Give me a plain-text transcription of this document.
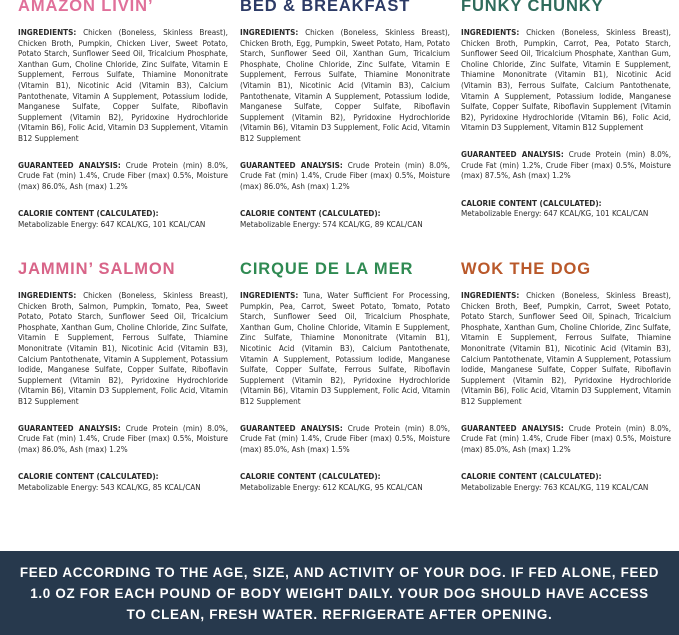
AMAZON LIVIN’

INGREDIENTS: Chicken (Boneless, Skinless Breast), Chicken Broth, Pumpkin, Chicken Liver, Sweet Potato, Potato Starch, Sunflower Seed Oil, Tricalcium Phosphate, Xanthan Gum, Choline Chloride, Zinc Sulfate, Vitamin E Supplement, Ferrous Sulfate, Thiamine Mononitrate (Vitamin B1), Nicotinic Acid (Vitamin B3), Calcium Pantothenate, Vitamin A Supplement, Potassium Iodide, Manganese Sulfate, Copper Sulfate, Riboflavin Supplement (Vitamin B2), Pyridoxine Hydrochloride (Vitamin B6), Folic Acid, Vitamin D3 Supplement, Vitamin B12 Supplement

GUARANTEED ANALYSIS: Crude Protein (min) 8.0%, Crude Fat (min) 1.4%, Crude Fiber (max) 0.5%, Moisture (max) 86.0%, Ash (max) 1.2%

CALORIE CONTENT (CALCULATED):
Metabolizable Energy: 647 KCAL/KG, 101 KCAL/CAN

BED & BREAKFAST

INGREDIENTS: Chicken (Boneless, Skinless Breast), Chicken Broth, Egg, Pumpkin, Sweet Potato, Ham, Potato Starch, Sunflower Seed Oil, Xanthan Gum, Tricalcium Phosphate, Choline Chloride, Zinc Sulfate, Vitamin E Supplement, Ferrous Sulfate, Thiamine Mononitrate (Vitamin B1), Nicotinic Acid (Vitamin B3), Calcium Pantothenate, Vitamin A Supplement, Potassium Iodide, Manganese Sulfate, Copper Sulfate, Riboflavin Supplement (Vitamin B2), Pyridoxine Hydrochloride (Vitamin B6), Vitamin D3 Supplement, Folic Acid, Vitamin B12 Supplement

GUARANTEED ANALYSIS: Crude Protein (min) 8.0%, Crude Fat (min) 1.4%, Crude Fiber (max) 0.5%, Moisture (max) 86.0%, Ash (max) 1.2%

CALORIE CONTENT (CALCULATED):
Metabolizable Energy: 574 KCAL/KG, 89 KCAL/CAN

FUNKY CHUNKY

INGREDIENTS: Chicken (Boneless, Skinless Breast), Chicken Broth, Pumpkin, Carrot, Pea, Potato Starch, Sunflower Seed Oil, Tricalcium Phosphate, Xanthan Gum, Choline Chloride, Zinc Sulfate, Vitamin E Supplement, Thiamine Mononitrate (Vitamin B1), Nicotinic Acid (Vitamin B3), Ferrous Sulfate, Calcium Pantothenate, Vitamin A Supplement, Potassium Iodide, Manganese Sulfate, Copper Sulfate, Riboflavin Supplement (Vitamin B2), Pyridoxine Hydrochloride (Vitamin B6), Folic Acid, Vitamin D3 Supplement, Vitamin B12 Supplement

GUARANTEED ANALYSIS: Crude Protein (min) 8.0%, Crude Fat (min) 1.2%, Crude Fiber (max) 0.5%, Moisture (max) 87.5%, Ash (max) 1.2%

CALORIE CONTENT (CALCULATED):
Metabolizable Energy: 647 KCAL/KG, 101 KCAL/CAN

JAMMIN’ SALMON

INGREDIENTS: Chicken (Boneless, Skinless Breast), Chicken Broth, Salmon, Pumpkin, Tomato, Pea, Sweet Potato, Potato Starch, Sunflower Seed Oil, Tricalcium Phosphate, Xanthan Gum, Choline Chloride, Zinc Sulfate, Vitamin E Supplement, Ferrous Sulfate, Thiamine Mononitrate (Vitamin B1), Nicotinic Acid (Vitamin B3), Calcium Pantothenate, Vitamin A Supplement, Potassium Iodide, Manganese Sulfate, Copper Sulfate, Riboflavin Supplement (Vitamin B2), Pyridoxine Hydrochloride (Vitamin B6), Vitamin D3 Supplement, Folic Acid, Vitamin B12 Supplement

GUARANTEED ANALYSIS: Crude Protein (min) 8.0%, Crude Fat (min) 1.4%, Crude Fiber (max) 0.5%, Moisture (max) 86.0%, Ash (max) 1.2%

CALORIE CONTENT (CALCULATED):
Metabolizable Energy: 543 KCAL/KG, 85 KCAL/CAN

CIRQUE DE LA MER

INGREDIENTS: Tuna, Water Sufficient For Processing, Pumpkin, Pea, Carrot, Sweet Potato, Tomato, Potato Starch, Sunflower Seed Oil, Tricalcium Phosphate, Xanthan Gum, Choline Chloride, Vitamin E Supplement, Zinc Sulfate, Thiamine Mononitrate (Vitamin B1), Nicotinic Acid (Vitamin B3), Calcium Pantothenate, Vitamin A Supplement, Potassium Iodide, Manganese Sulfate, Copper Sulfate, Ferrous Sulfate, Riboflavin Supplement (Vitamin B2), Pyridoxine Hydrochloride (Vitamin B6), Vitamin D3 Supplement, Folic Acid, Vitamin B12 Supplement

GUARANTEED ANALYSIS: Crude Protein (min) 8.0%, Crude Fat (min) 1.4%, Crude Fiber (max) 0.5%, Moisture (max) 85.0%, Ash (max) 1.5%

CALORIE CONTENT (CALCULATED):
Metabolizable Energy: 612 KCAL/KG, 95 KCAL/CAN

WOK THE DOG

INGREDIENTS: Chicken (Boneless, Skinless Breast), Chicken Broth, Beef, Pumpkin, Carrot, Sweet Potato, Potato Starch, Sunflower Seed Oil, Spinach, Tricalcium Phosphate, Xanthan Gum, Choline Chloride, Zinc Sulfate, Vitamin E Supplement, Ferrous Sulfate, Thiamine Mononitrate (Vitamin B1), Nicotinic Acid (Vitamin B3), Calcium Pantothenate, Vitamin A Supplement, Potassium Iodide, Manganese Sulfate, Copper Sulfate, Riboflavin Supplement (Vitamin B2), Pyridoxine Hydrochloride (Vitamin B6), Folic Acid, Vitamin D3 Supplement, Vitamin B12 Supplement

GUARANTEED ANALYSIS: Crude Protein (min) 8.0%, Crude Fat (min) 1.4%, Crude Fiber (max) 0.5%, Moisture (max) 85.0%, Ash (max) 1.2%

CALORIE CONTENT (CALCULATED):
Metabolizable Energy: 763 KCAL/KG, 119 KCAL/CAN

FEED ACCORDING TO THE AGE, SIZE, AND ACTIVITY OF YOUR DOG. IF FED ALONE, FEED 1.0 OZ FOR EACH POUND OF BODY WEIGHT DAILY. YOUR DOG SHOULD HAVE ACCESS TO CLEAN, FRESH WATER. REFRIGERATE AFTER OPENING.
